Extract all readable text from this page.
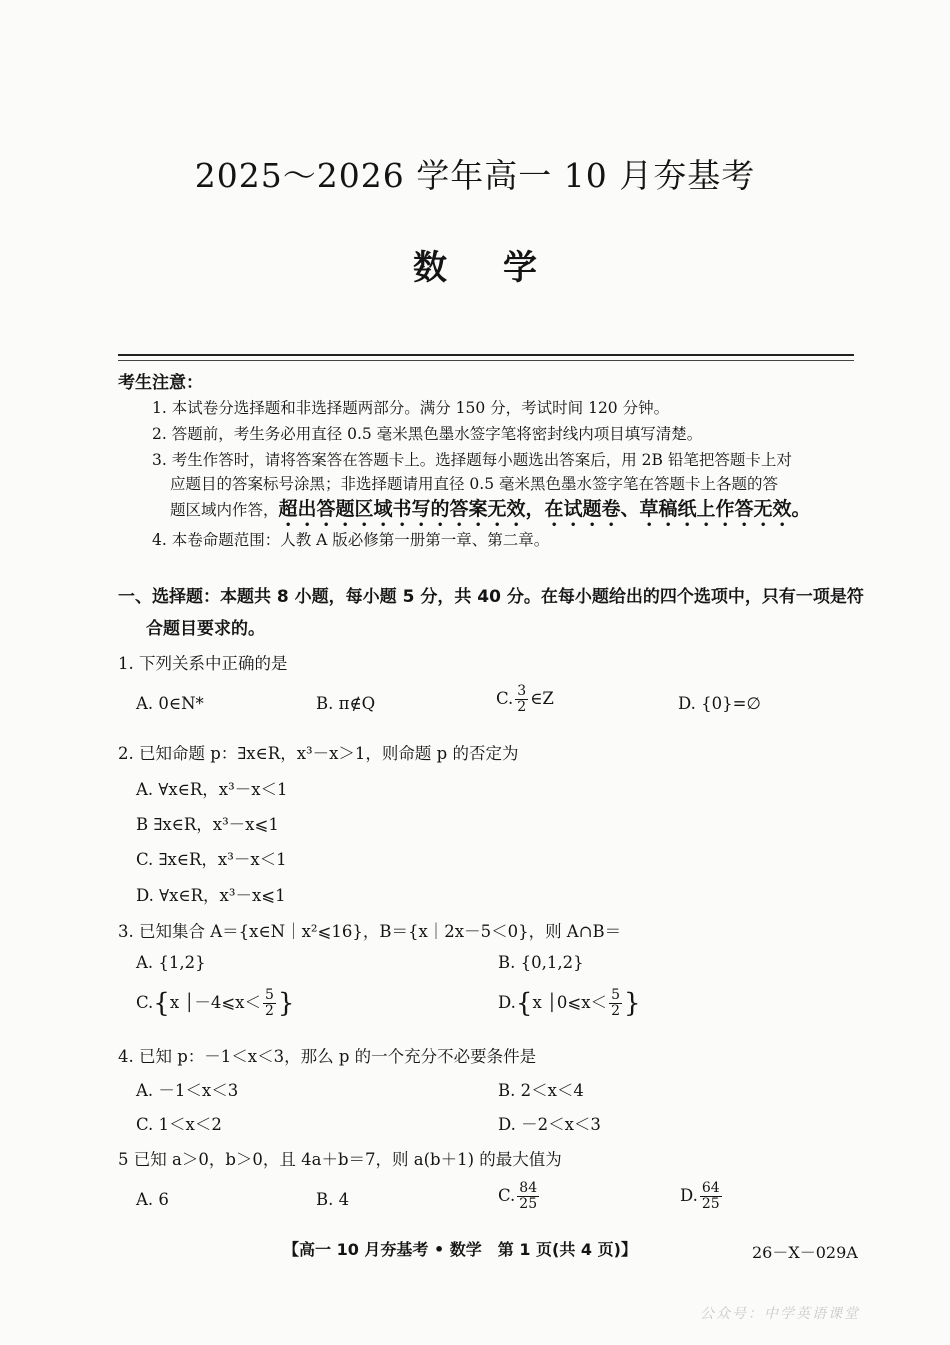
2025～2026 学年高一 10 月夯基考
数 学
考生注意：
1. 本试卷分选择题和非选择题两部分。满分 150 分，考试时间 120 分钟。
2. 答题前，考生务必用直径 0.5 毫米黑色墨水签字笔将密封线内项目填写清楚。
3. 考生作答时，请将答案答在答题卡上。选择题每小题选出答案后，用 2B 铅笔把答题卡上对
应题目的答案标号涂黑；非选择题请用直径 0.5 毫米黑色墨水签字笔在答题卡上各题的答
题区域内作答，超出答题区域书写的答案无效，在试题卷、草稿纸上作答无效。
4. 本卷命题范围：人教 A 版必修第一册第一章、第二章。
一、选择题：本题共 8 小题，每小题 5 分，共 40 分。在每小题给出的四个选项中，只有一项是符
合题目要求的。
1. 下列关系中正确的是
A. 0∈N*	B. π∉Q	C. $\frac{3}{2}$ ∈Z	D. {0}=∅
2. 已知命题 p：∃x∈R，x³－x＞1，则命题 p 的否定为
A. ∀x∈R，x³－x＜1
B ∃x∈R，x³－x⩽1
C. ∃x∈R，x³－x＜1
D. ∀x∈R，x³－x⩽1
3. 已知集合 A＝{x∈N｜x²⩽16}，B＝{x｜2x－5＜0}，则 A∩B＝
A. {1,2}	B. {0,1,2}
C.{x │－4⩽x＜ $\frac{5}{2}$ }	D.{x │0⩽x＜ $\frac{5}{2}$ }
4. 已知 p：－1＜x＜3，那么 p 的一个充分不必要条件是
A. －1＜x＜3	B. 2＜x＜4
C. 1＜x＜2	D. －2＜x＜3
5 已知 a＞0，b＞0，且 4a＋b＝7，则 a(b＋1) 的最大值为
A. 6	B. 4	C. $\frac{84}{25}$	D. $\frac{64}{25}$
【高一 10 月夯基考 • 数学　第 1 页(共 4 页)】	26－X－029A
公众号：中学英语课堂
